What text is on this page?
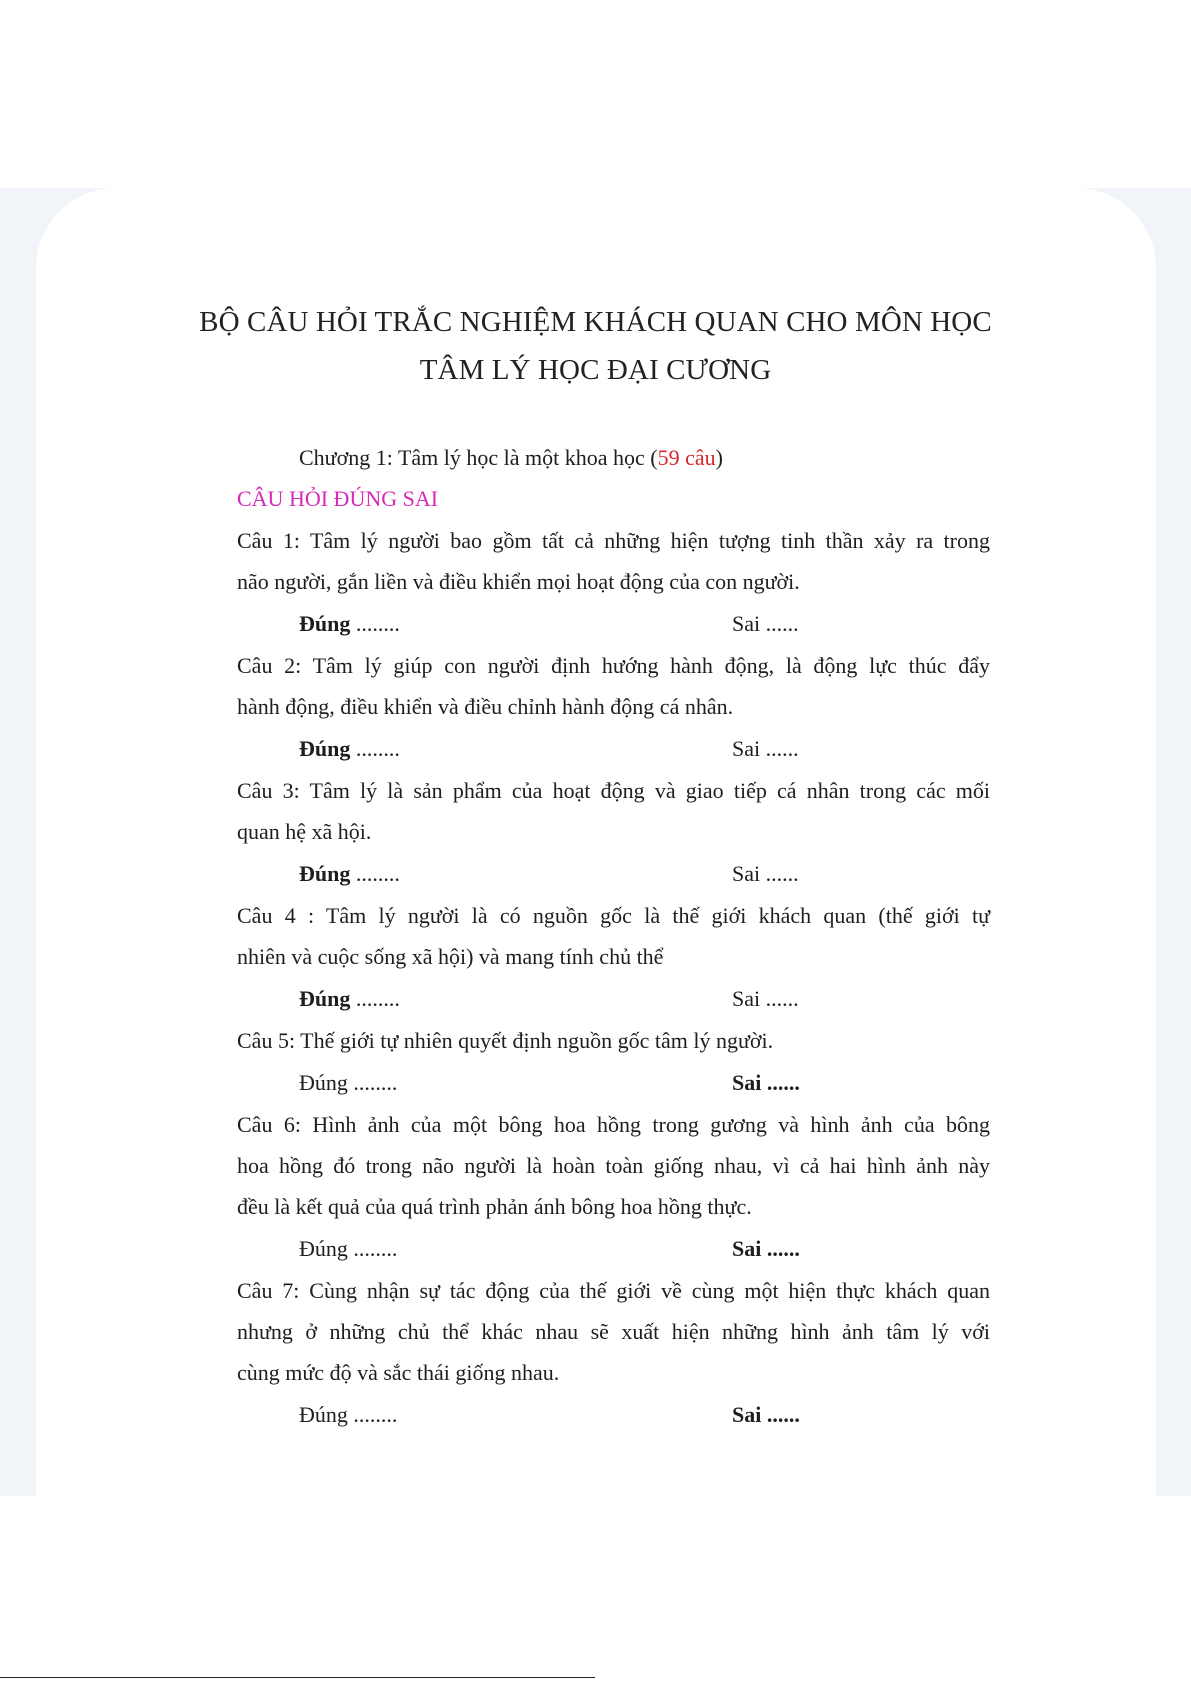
BỘ CÂU HỎI TRẮC NGHIỆM KHÁCH QUAN CHO MÔN HỌC
TÂM LÝ HỌC ĐẠI CƯƠNG
Chương 1: Tâm lý học là một khoa học (59 câu)
CÂU HỎI ĐÚNG SAI
Câu 1: Tâm lý người bao gồm tất cả những hiện tượng tinh thần xảy ra trong
não người, gắn liền và điều khiển mọi hoạt động của con người.
Đúng ........	Sai ......
Câu 2: Tâm lý giúp con người định hướng hành động, là động lực thúc đẩy
hành động, điều khiển và điều chỉnh hành động cá nhân.
Đúng ........	Sai ......
Câu 3: Tâm lý là sản phẩm của hoạt động và giao tiếp cá nhân trong các mối
quan hệ xã hội.
Đúng ........	Sai ......
Câu 4 : Tâm lý người là có nguồn gốc là thế giới khách quan (thế giới tự
nhiên và cuộc sống xã hội) và mang tính chủ thể
Đúng ........	Sai ......
Câu 5: Thế giới tự nhiên quyết định nguồn gốc tâm lý người.
Đúng ........	Sai ......
Câu 6: Hình ảnh của một bông hoa hồng trong gương và hình ảnh của bông
hoa hồng đó trong não người là hoàn toàn giống nhau, vì cả hai hình ảnh này
đều là kết quả của quá trình phản ánh bông hoa hồng thực.
Đúng ........	Sai ......
Câu 7: Cùng nhận sự tác động của thế giới về cùng một hiện thực khách quan
nhưng ở những chủ thể khác nhau sẽ xuất hiện những hình ảnh tâm lý với
cùng mức độ và sắc thái giống nhau.
Đúng ........	Sai ......
